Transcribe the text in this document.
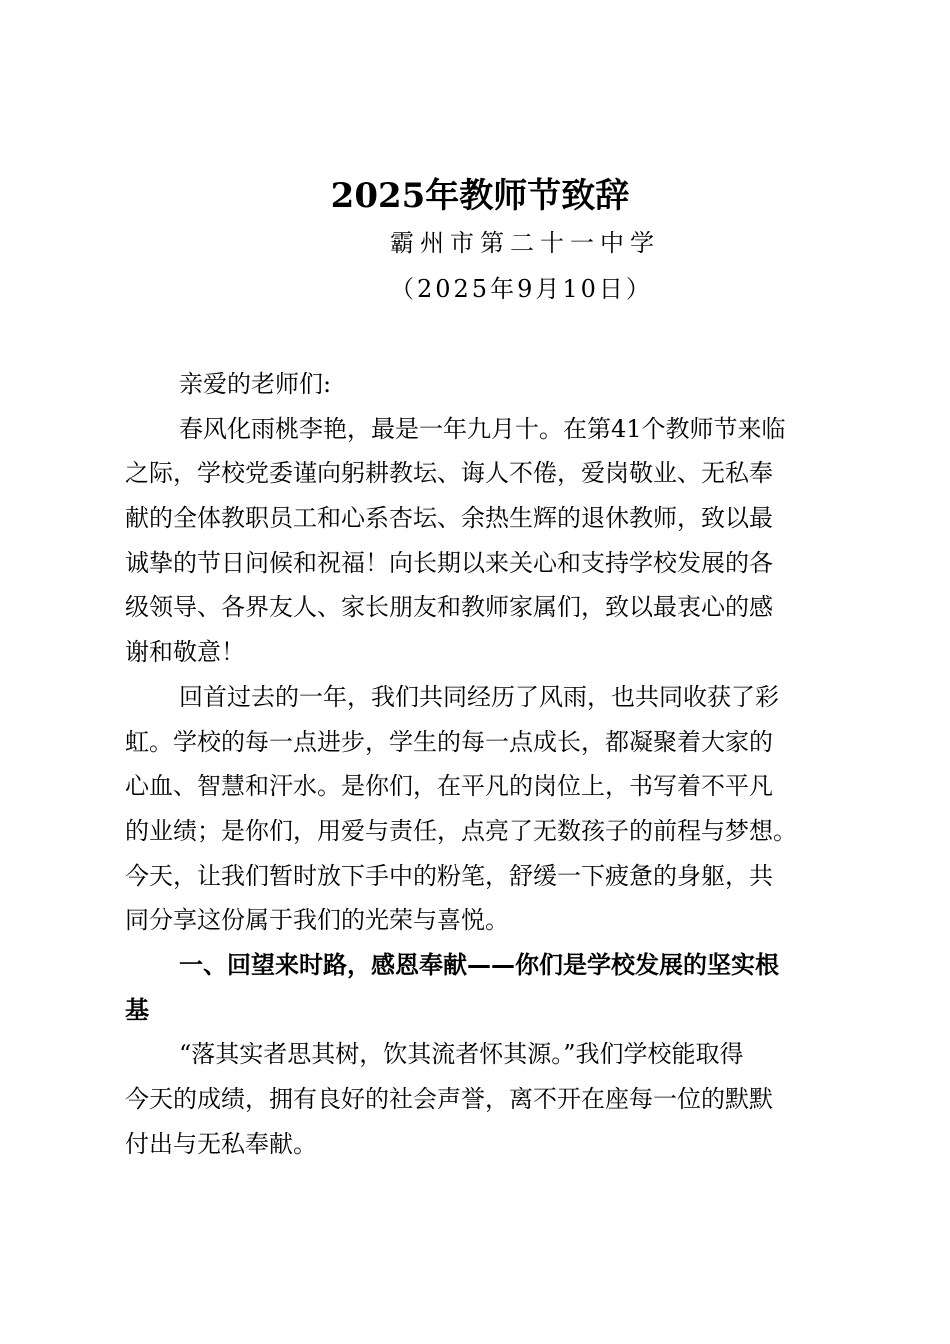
2025年教师节致辞
霸州市第二十一中学
（2025年9月10日）
亲爱的老师们:
春风化雨桃李艳，最是一年九月十。在第41个教师节来临
之际，学校党委谨向躬耕教坛、诲人不倦，爱岗敬业、无私奉
献的全体教职员工和心系杏坛、余热生辉的退休教师，致以最
诚挚的节日问候和祝福！向长期以来关心和支持学校发展的各
级领导、各界友人、家长朋友和教师家属们，致以最衷心的感
谢和敬意！
回首过去的一年，我们共同经历了风雨，也共同收获了彩
虹。学校的每一点进步，学生的每一点成长，都凝聚着大家的
心血、智慧和汗水。是你们，在平凡的岗位上，书写着不平凡
的业绩；是你们，用爱与责任，点亮了无数孩子的前程与梦想。
今天，让我们暂时放下手中的粉笔，舒缓一下疲惫的身躯，共
同分享这份属于我们的光荣与喜悦。
一、回望来时路，感恩奉献——你们是学校发展的坚实根
基
“落其实者思其树，饮其流者怀其源。”我们学校能取得
今天的成绩，拥有良好的社会声誉，离不开在座每一位的默默
付出与无私奉献。
